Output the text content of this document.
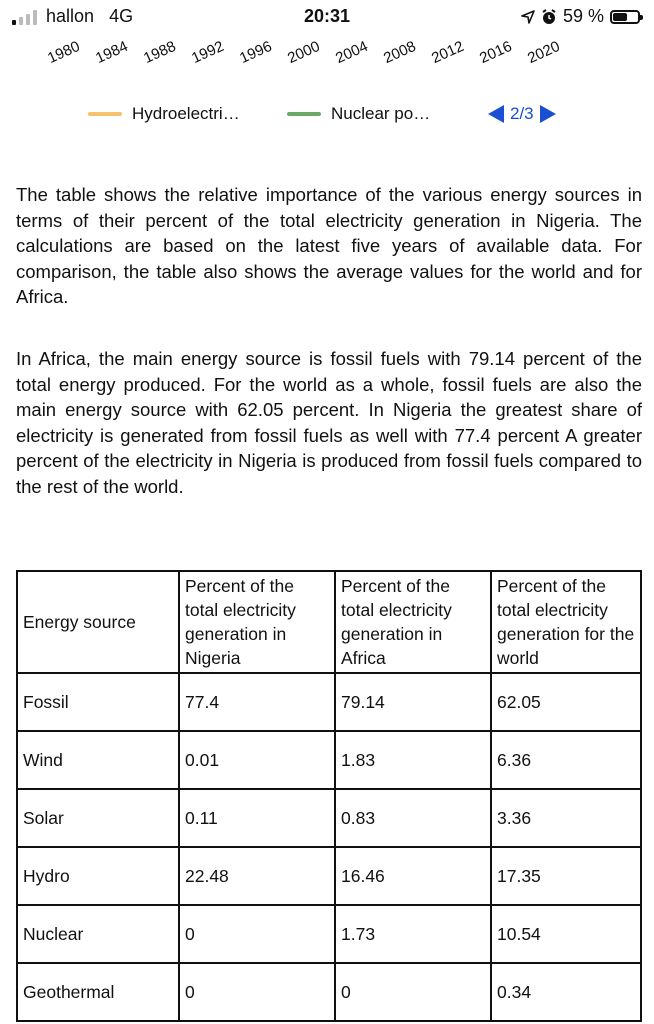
hallon 4G	20:31	59 %
1980 1984 1988 1992 1996 2000 2004 2008 2012 2016 2020
Hydroelectri…	Nuclear po…	2/3

The table shows the relative importance of the various energy sources in terms of their percent of the total electricity generation in Nigeria. The calculations are based on the latest five years of available data. For comparison, the table also shows the average values for the world and for Africa.

In Africa, the main energy source is fossil fuels with 79.14 percent of the total energy produced. For the world as a whole, fossil fuels are also the main energy source with 62.05 percent. In Nigeria the greatest share of electricity is generated from fossil fuels as well with 77.4 percent A greater percent of the electricity in Nigeria is produced from fossil fuels compared to the rest of the world.

Energy source	Percent of the total electricity generation in Nigeria	Percent of the total electricity generation in Africa	Percent of the total electricity generation for the world
Fossil	77.4	79.14	62.05
Wind	0.01	1.83	6.36
Solar	0.11	0.83	3.36
Hydro	22.48	16.46	17.35
Nuclear	0	1.73	10.54
Geothermal	0	0	0.34
